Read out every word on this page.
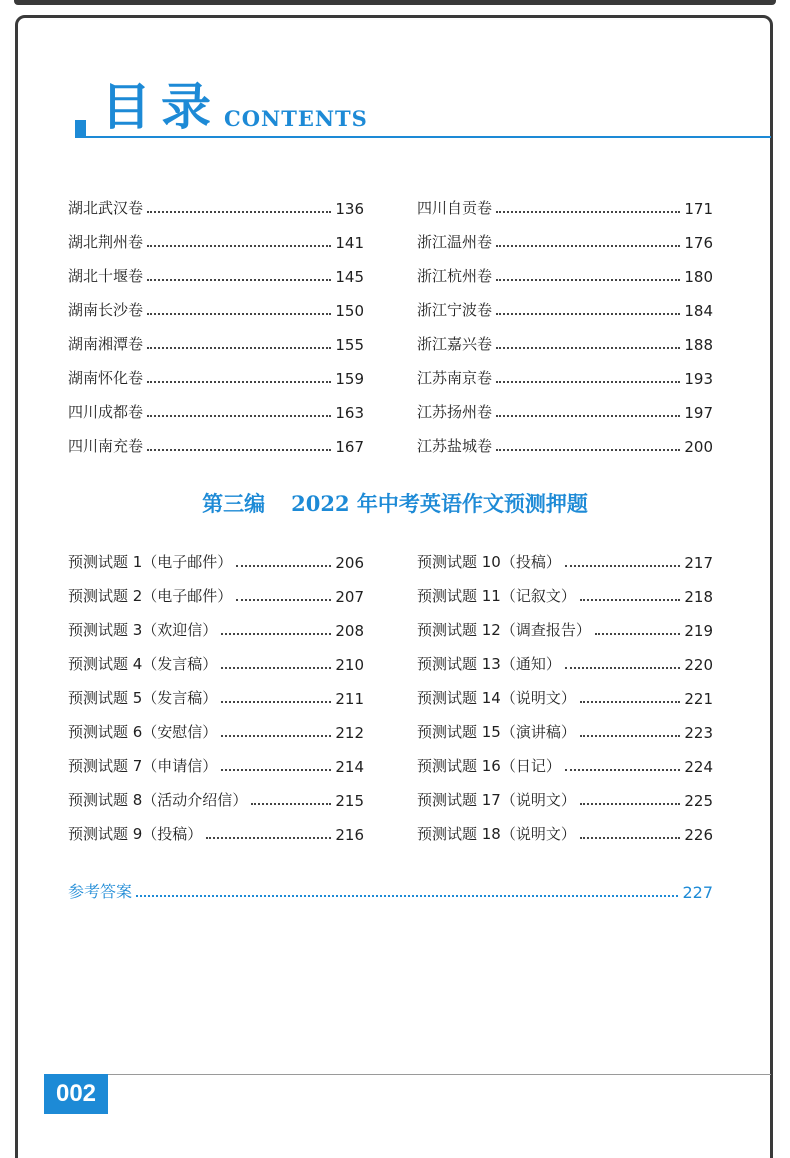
目录 CONTENTS
湖北武汉卷	136
湖北荆州卷	141
湖北十堰卷	145
湖南长沙卷	150
湖南湘潭卷	155
湖南怀化卷	159
四川成都卷	163
四川南充卷	167
四川自贡卷	171
浙江温州卷	176
浙江杭州卷	180
浙江宁波卷	184
浙江嘉兴卷	188
江苏南京卷	193
江苏扬州卷	197
江苏盐城卷	200
第三编 2022 年中考英语作文预测押题
预测试题 1（电子邮件）	206
预测试题 2（电子邮件）	207
预测试题 3（欢迎信）	208
预测试题 4（发言稿）	210
预测试题 5（发言稿）	211
预测试题 6（安慰信）	212
预测试题 7（申请信）	214
预测试题 8（活动介绍信）	215
预测试题 9（投稿）	216
预测试题 10（投稿）	217
预测试题 11（记叙文）	218
预测试题 12（调查报告）	219
预测试题 13（通知）	220
预测试题 14（说明文）	221
预测试题 15（演讲稿）	223
预测试题 16（日记）	224
预测试题 17（说明文）	225
预测试题 18（说明文）	226
参考答案	227
002
